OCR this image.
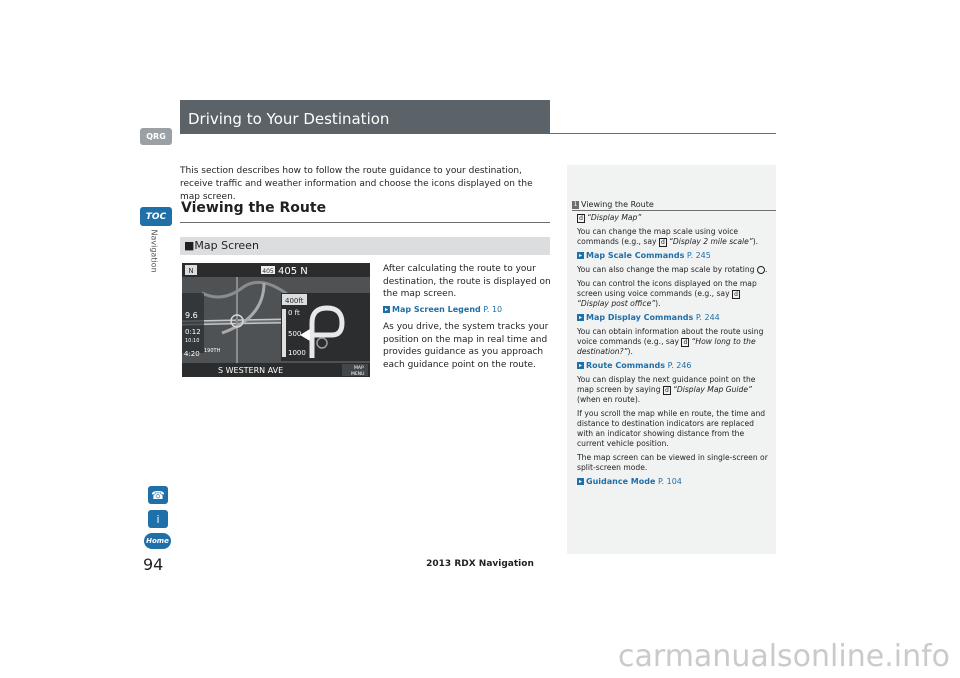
QRG
TOC
Navigation
☎
i
Home
94
Driving to Your Destination
This section describes how to follow the route guidance to your destination, receive traffic and weather information and choose the icons displayed on the map screen.
Viewing the Route
■Map Screen
N	405 405 N
400ft
0 ft
500
1000
9.6
0:12
10:10
4:20 190TH
S WESTERN AVE	MAP
MENU

After calculating the route to your destination, the route is displayed on the map screen.

▸ Map Screen Legend P. 10

As you drive, the system tracks your position on the map in real time and provides guidance as you approach each guidance point on the route.

1 Viewing the Route

d “Display Map”

You can change the map scale using voice commands (e.g., say d “Display 2 mile scale”).

▸ Map Scale Commands P. 245

You can also change the map scale by rotating .

You can control the icons displayed on the map screen using voice commands (e.g., say d“Display post office”).

▸ Map Display Commands P. 244

You can obtain information about the route using voice commands (e.g., say d “How long to the destination?”).

▸ Route Commands P. 246

You can display the next guidance point on the map screen by saying d “Display Map Guide” (when en route).

If you scroll the map while en route, the time and distance to destination indicators are replaced with an indicator showing distance from the current vehicle position.

The map screen can be viewed in single-screen or split-screen mode.

▸ Guidance Mode P. 104

2013 RDX Navigation
carmanualsonline.info
